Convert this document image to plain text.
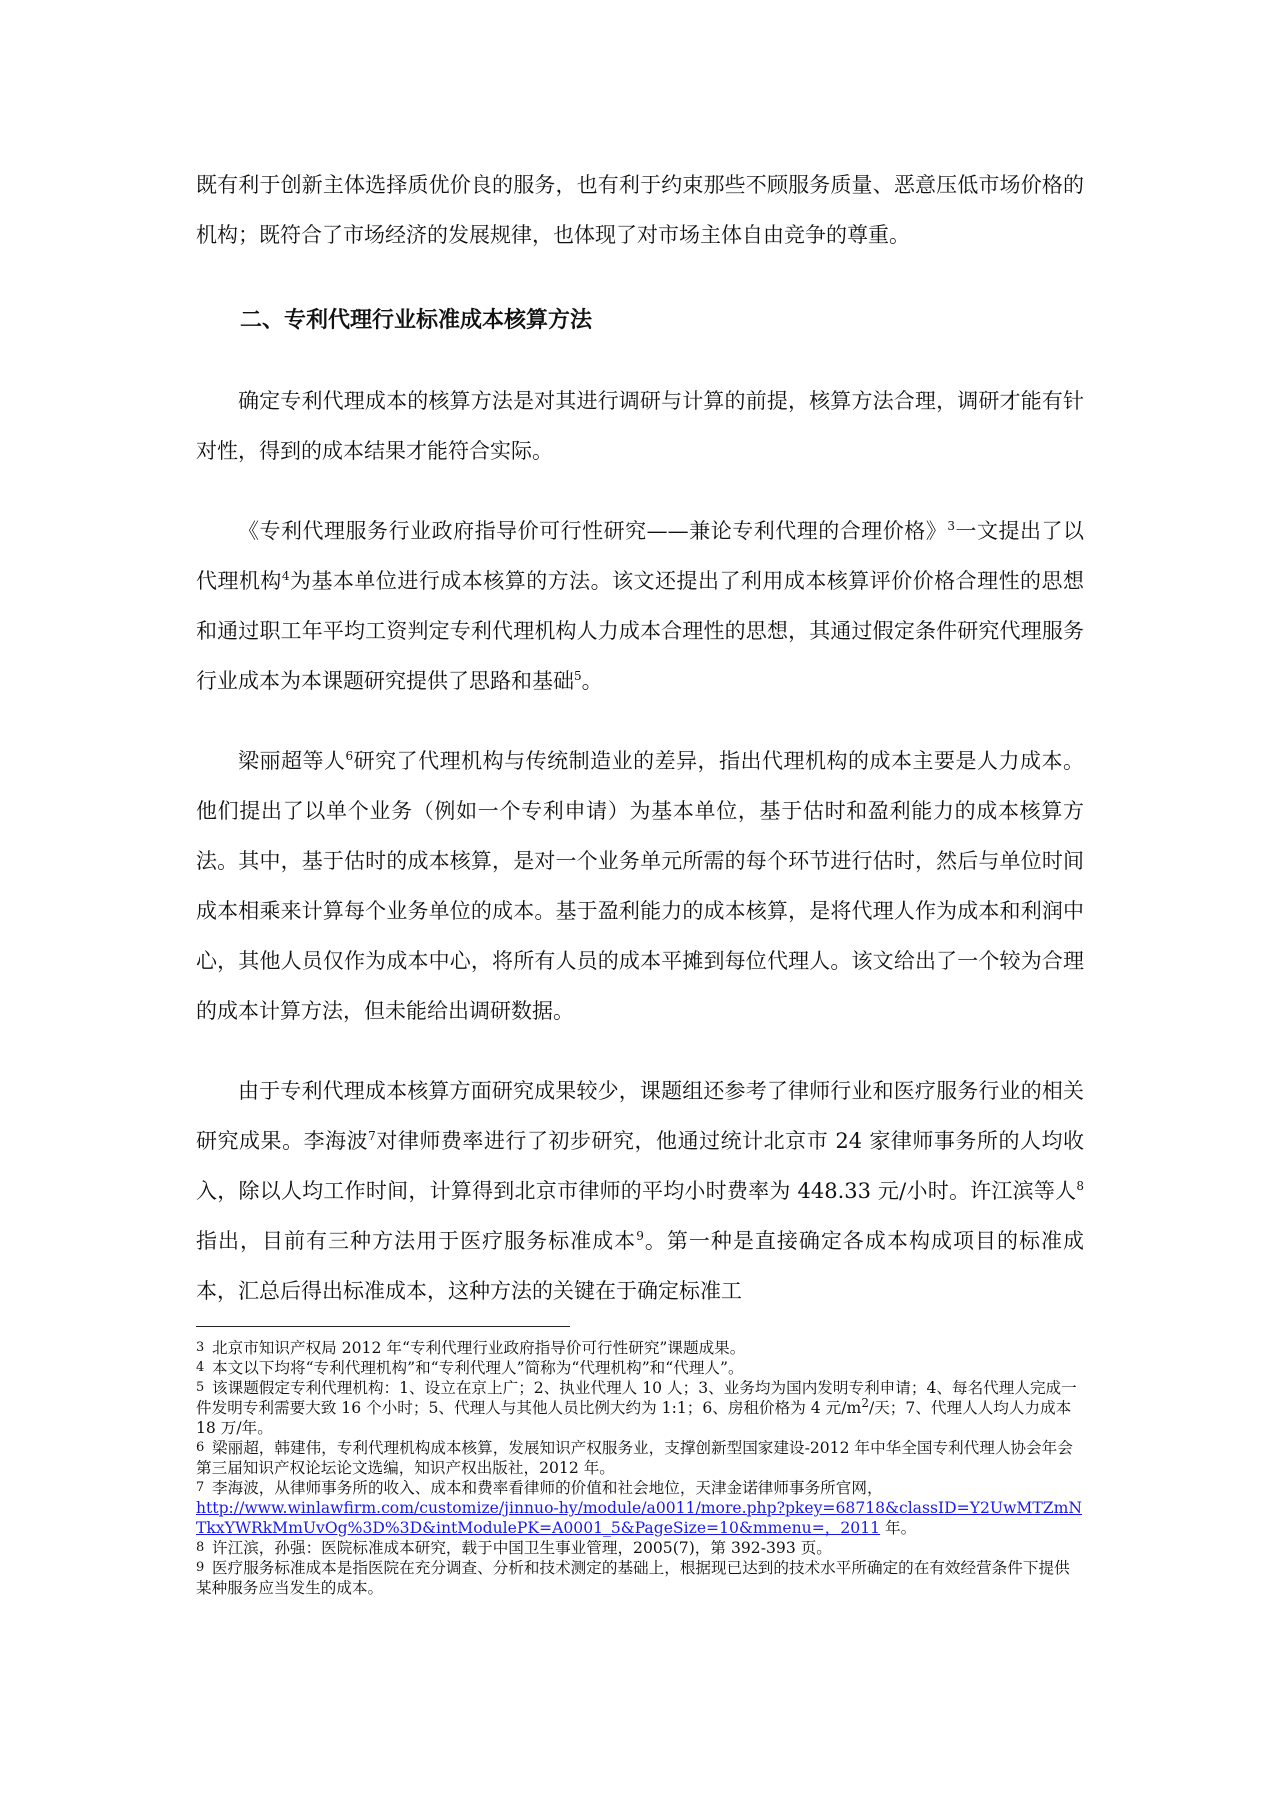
既有利于创新主体选择质优价良的服务，也有利于约束那些不顾服务质量、恶意压低市场价格的机构；既符合了市场经济的发展规律，也体现了对市场主体自由竞争的尊重。

二、专利代理行业标准成本核算方法

确定专利代理成本的核算方法是对其进行调研与计算的前提，核算方法合理，调研才能有针对性，得到的成本结果才能符合实际。

《专利代理服务行业政府指导价可行性研究——兼论专利代理的合理价格》$^3$一文提出了以代理机构$^4$为基本单位进行成本核算的方法。该文还提出了利用成本核算评价价格合理性的思想和通过职工年平均工资判定专利代理机构人力成本合理性的思想，其通过假定条件研究代理服务行业成本为本课题研究提供了思路和基础$^5$。

梁丽超等人$^6$研究了代理机构与传统制造业的差异，指出代理机构的成本主要是人力成本。他们提出了以单个业务（例如一个专利申请）为基本单位，基于估时和盈利能力的成本核算方法。其中，基于估时的成本核算，是对一个业务单元所需的每个环节进行估时，然后与单位时间成本相乘来计算每个业务单位的成本。基于盈利能力的成本核算，是将代理人作为成本和利润中心，其他人员仅作为成本中心，将所有人员的成本平摊到每位代理人。该文给出了一个较为合理的成本计算方法，但未能给出调研数据。

由于专利代理成本核算方面研究成果较少，课题组还参考了律师行业和医疗服务行业的相关研究成果。李海波$^7$对律师费率进行了初步研究，他通过统计北京市 24 家律师事务所的人均收入，除以人均工作时间，计算得到北京市律师的平均小时费率为 448.33 元/小时。许江滨等人$^8$指出，目前有三种方法用于医疗服务标准成本$^9$。第一种是直接确定各成本构成项目的标准成本，汇总后得出标准成本，这种方法的关键在于确定标准工

3 北京市知识产权局 2012 年“专利代理行业政府指导价可行性研究”课题成果。

4 本文以下均将“专利代理机构”和“专利代理人”简称为“代理机构”和“代理人”。

5 该课题假定专利代理机构：1、设立在京上广；2、执业代理人 10 人；3、业务均为国内发明专利申请；4、每名代理人完成一件发明专利需要大致 16 个小时；5、代理人与其他人员比例大约为 1:1；6、房租价格为 4 元$/m^2/$天；7、代理人人均人力成本 18 万/年。

6 梁丽超，韩建伟，专利代理机构成本核算，发展知识产权服务业，支撑创新型国家建设-2012 年中华全国专利代理人协会年会第三届知识产权论坛论文选编，知识产权出版社，2012 年。

7 李海波，从律师事务所的收入、成本和费率看律师的价值和社会地位，天津金诺律师事务所官网，
http://www.winlawfirm.com/customize/jinnuo-hy/module/a0011/more.php?pkey=68718&classID=Y2UwMTZmNTkxYWRkMmUvOg%3D%3D&intModulePK=A0001_5&PageSize=10&mmenu=，2011 年。

8 许江滨，孙强：医院标准成本研究，载于中国卫生事业管理，2005(7)，第 392-393 页。

9 医疗服务标准成本是指医院在充分调查、分析和技术测定的基础上，根据现已达到的技术水平所确定的在有效经营条件下提供某种服务应当发生的成本。
